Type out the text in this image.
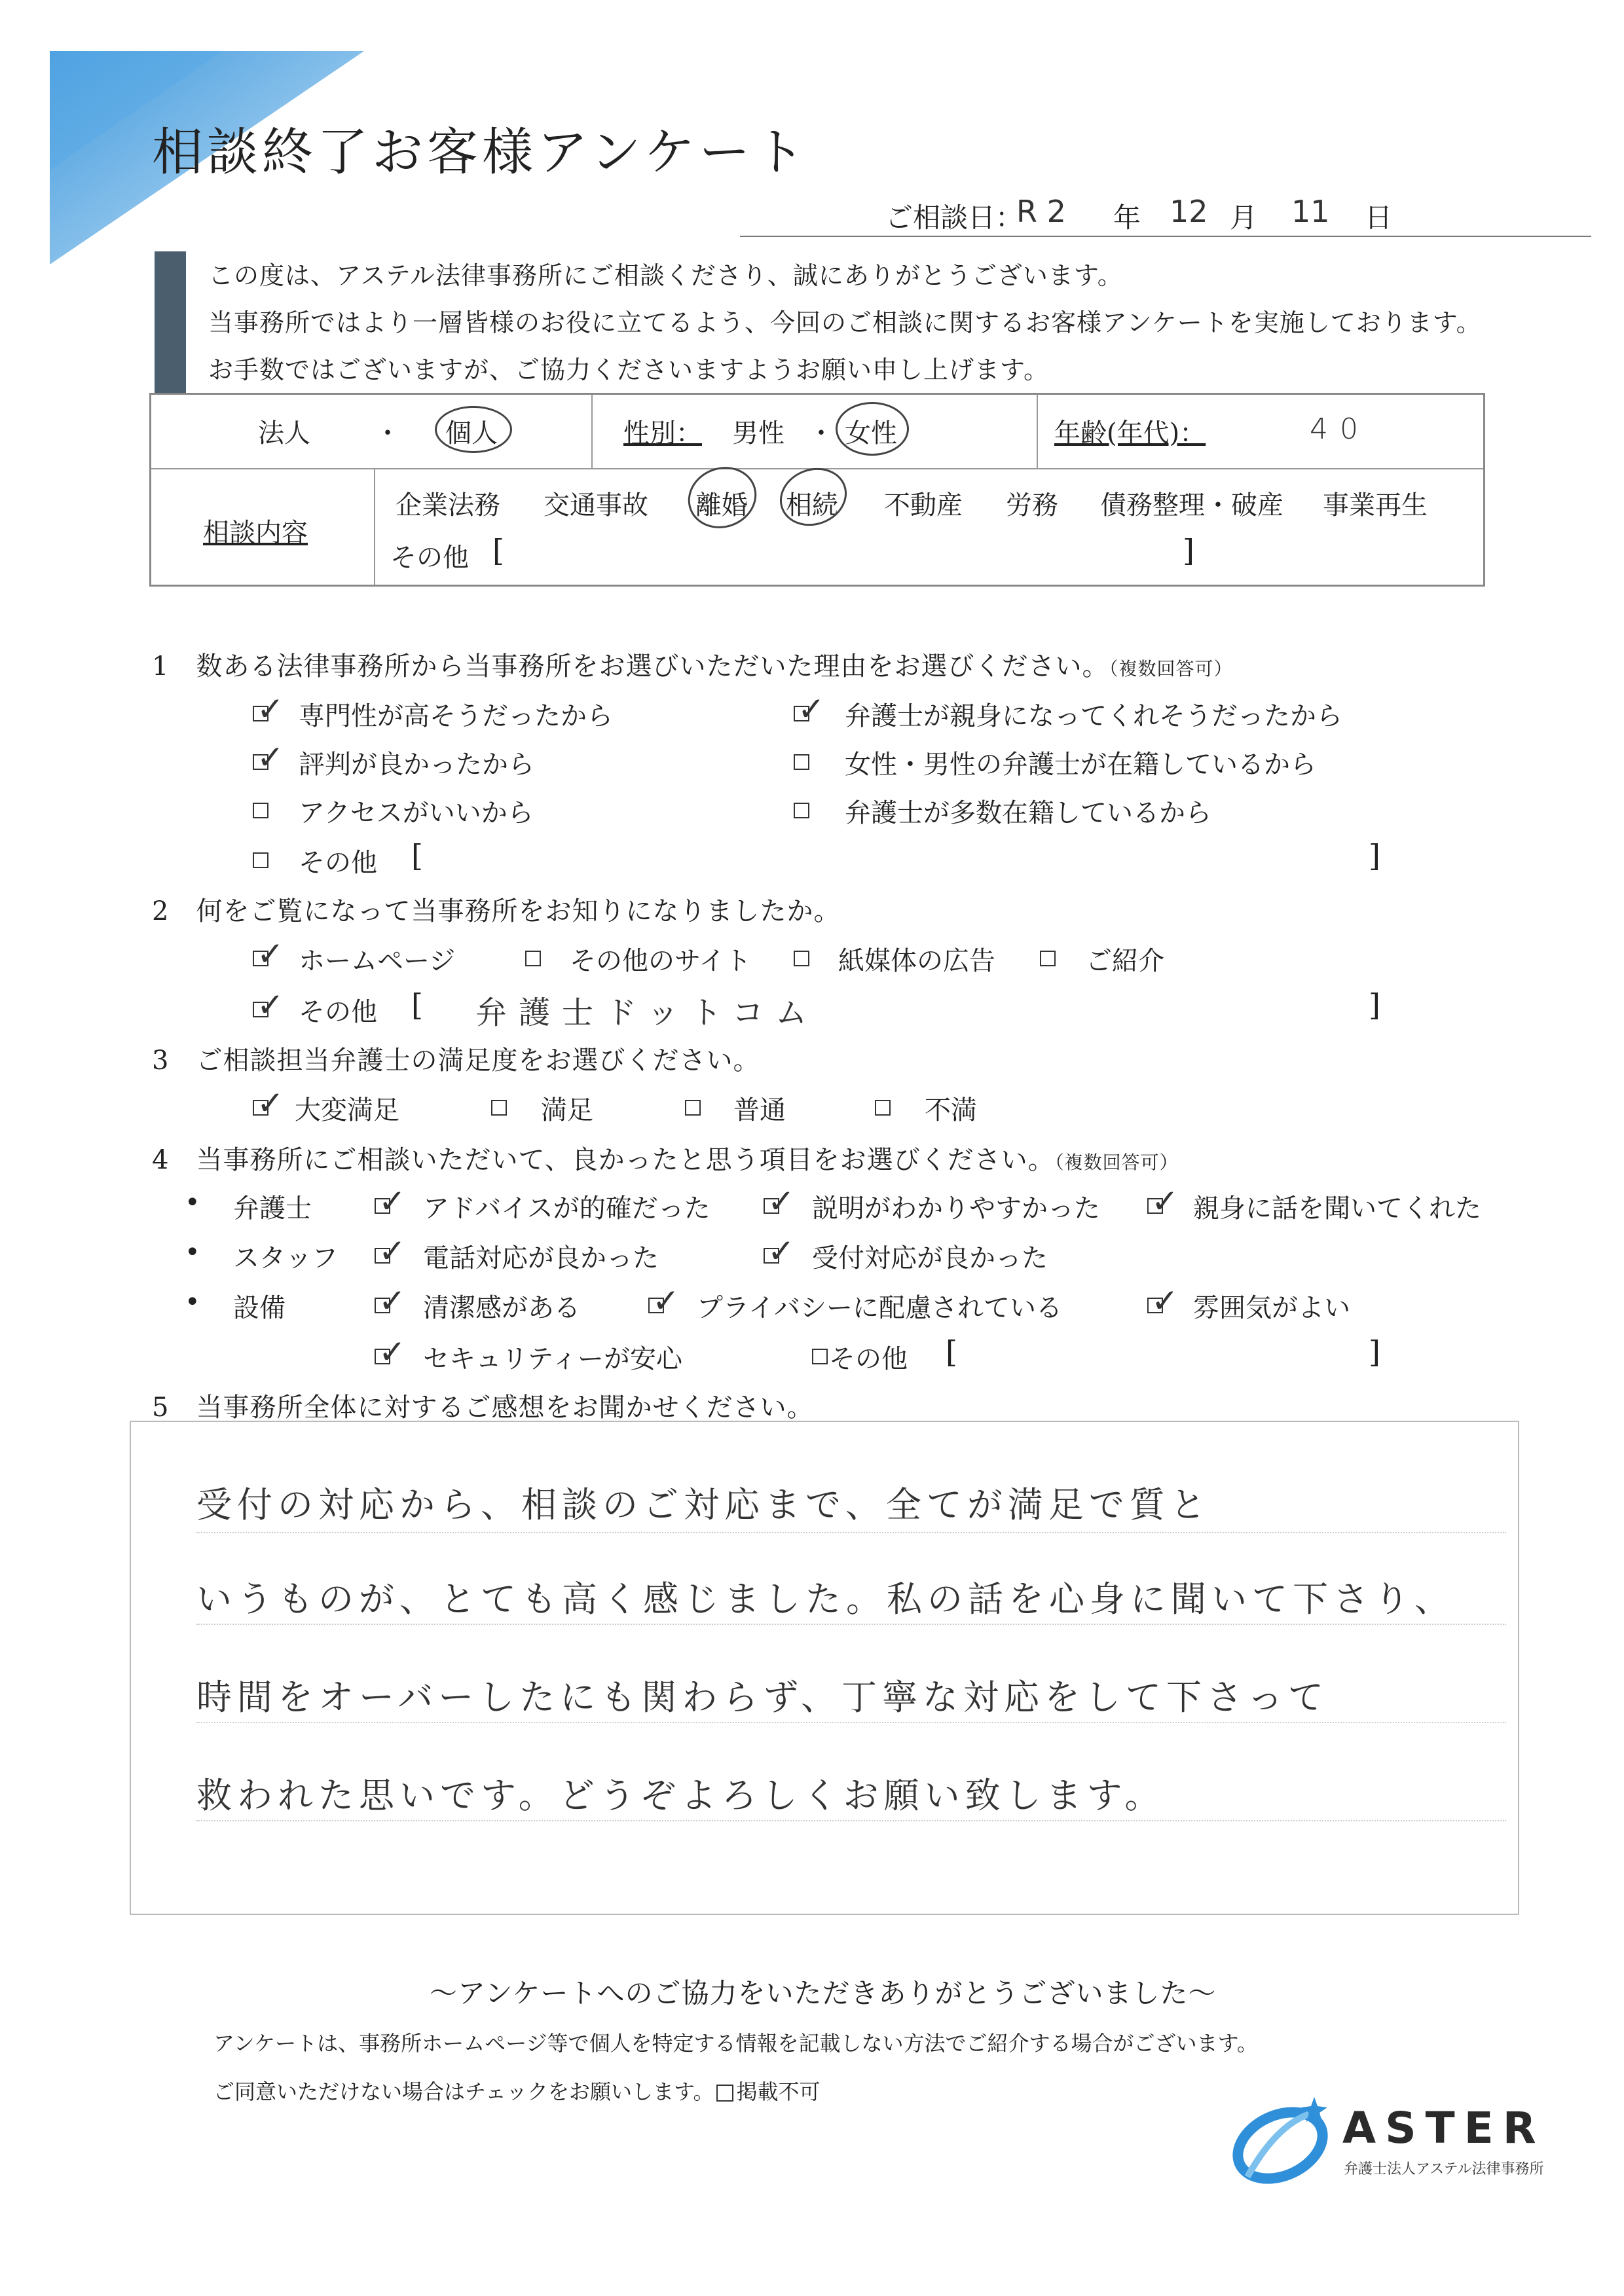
相談終了お客様アンケート
ご相談日：
R 2 年 12 月 11 日
この度は、アステル法律事務所にご相談くださり、誠にありがとうございます。
当事務所ではより一層皆様のお役に立てるよう、今回のご相談に関するお客様アンケートを実施しております。
お手数ではございますが、ご協力くださいますようお願い申し上げます。
法人 ・ 個人	性別： 男性 ・ 女性	年齢(年代)：	40
相談内容
企業法務 交通事故 離婚 相続 不動産 労務 債務整理・破産 事業再生
その他 [	]
1　 数ある法律事務所から当事務所をお選びいただいた理由をお選びください。（複数回答可）
✓ 専門性が高そうだったから	✓ 弁護士が親身になってくれそうだったから
✓ 評判が良かったから	女性・男性の弁護士が在籍しているから
アクセスがいいから	弁護士が多数在籍しているから
その他 [	]
2　 何をご覧になって当事務所をお知りになりましたか。
✓ ホームページ	その他のサイト	紙媒体の広告	ご紹介
✓ その他 [ 弁護士ドットコム	]
3　 ご相談担当弁護士の満足度をお選びください。
✓ 大変満足	満足	普通	不満
4　 当事務所にご相談いただいて、良かったと思う項目をお選びください。（複数回答可）
• 弁護士 ✓ アドバイスが的確だった ✓ 説明がわかりやすかった ✓ 親身に話を聞いてくれた
• スタッフ ✓ 電話対応が良かった	✓ 受付対応が良かった
• 設備	✓ 清潔感がある ✓ プライバシーに配慮されている	✓ 雰囲気がよい
✓ セキュリティーが安心	その他 [	]
5　 当事務所全体に対するご感想をお聞かせください。
受付の対応から、相談のご対応まで、全てが満足で質と
いうものが、とても高く感じました。私の話を心身に聞いて下さり、
時間をオーバーしたにも関わらず、丁寧な対応をして下さって
救われた思いです。どうぞよろしくお願い致します。
～アンケートへのご協力をいただきありがとうございました～
アンケートは、事務所ホームページ等で個人を特定する情報を記載しない方法でご紹介する場合がございます。
ご同意いただけない場合はチェックをお願いします。 掲載不可
ASTER
弁護士法人アステル法律事務所
